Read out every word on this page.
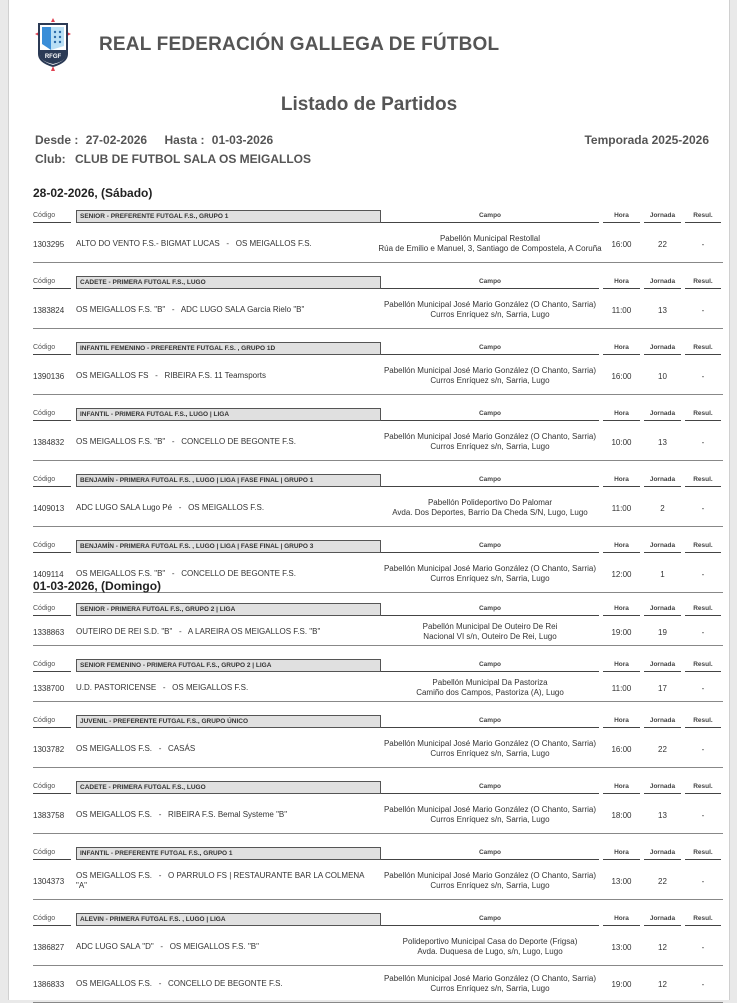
RFGF
REAL FEDERACIÓN GALLEGA DE FÚTBOL
Listado de Partidos
Desde : 27-02-2026 Hasta : 01-03-2026	Temporada 2025-2026
Club: CLUB DE FUTBOL SALA OS MEIGALLOS
28-02-2026, (Sábado)
Código	SENIOR - PREFERENTE FUTGAL F.S., GRUPO 1	Campo	Hora	Jornada	Resul.
1303295 ALTO DO VENTO F.S.- BIGMAT LUCAS   -   OS MEIGALLOS F.S.
Pabellón Municipal Restollal
Rúa de Emilio e Manuel, 3, Santiago de Compostela, A Coruña	16:00	22	-
Código	CADETE - PRIMERA FUTGAL F.S., LUGO	Campo	Hora	Jornada	Resul.
1383824 OS MEIGALLOS F.S. "B"   -   ADC LUGO SALA Garcia Rielo "B"
Pabellón Municipal José Mario González (O Chanto, Sarria)
Curros Enríquez s/n, Sarria, Lugo	11:00	13	-
Código	INFANTIL FEMENINO - PREFERENTE FUTGAL F.S. , GRUPO 1D	Campo	Hora	Jornada	Resul.
1390136 OS MEIGALLOS FS   -   RIBEIRA F.S. 11 Teamsports
Pabellón Municipal José Mario González (O Chanto, Sarria)
Curros Enríquez s/n, Sarria, Lugo	16:00	10	-
Código	INFANTIL - PRIMERA FUTGAL F.S., LUGO | LIGA	Campo	Hora	Jornada	Resul.
1384832 OS MEIGALLOS F.S. "B"   -   CONCELLO DE BEGONTE F.S.
Pabellón Municipal José Mario González (O Chanto, Sarria)
Curros Enríquez s/n, Sarria, Lugo	10:00	13	-
Código	BENJAMÍN - PRIMERA FUTGAL F.S. , LUGO | LIGA | FASE FINAL | GRUPO 1	Campo	Hora	Jornada	Resul.
1409013 ADC LUGO SALA Lugo Pé   -   OS MEIGALLOS F.S.
Pabellón Polideportivo Do Palomar
Avda. Dos Deportes, Barrio Da Cheda S/N, Lugo, Lugo	11:00	2	-
Código	BENJAMÍN - PRIMERA FUTGAL F.S. , LUGO | LIGA | FASE FINAL | GRUPO 3	Campo	Hora	Jornada	Resul.
1409114 OS MEIGALLOS F.S. "B"   -   CONCELLO DE BEGONTE F.S.
Pabellón Municipal José Mario González (O Chanto, Sarria)
Curros Enríquez s/n, Sarria, Lugo	12:00	1	-
01-03-2026, (Domingo)
Código	SENIOR - PRIMERA FUTGAL F.S., GRUPO 2 | LIGA	Campo	Hora	Jornada	Resul.
1338863 OUTEIRO DE REI S.D. "B"   -   A LAREIRA OS MEIGALLOS F.S. "B"
Pabellón Municipal De Outeiro De Rei
Nacional VI s/n, Outeiro De Rei, Lugo	19:00	19	-
Código	SENIOR FEMENINO - PRIMERA FUTGAL F.S., GRUPO 2 | LIGA	Campo	Hora	Jornada	Resul.
1338700 U.D. PASTORICENSE   -   OS MEIGALLOS F.S.
Pabellón Municipal Da Pastoriza
Camiño dos Campos, Pastoriza (A), Lugo	11:00	17	-
Código	JUVENIL - PREFERENTE FUTGAL F.S., GRUPO ÚNICO	Campo	Hora	Jornada	Resul.
1303782 OS MEIGALLOS F.S.   -   CASÁS
Pabellón Municipal José Mario González (O Chanto, Sarria)
Curros Enríquez s/n, Sarria, Lugo	16:00	22	-
Código	CADETE - PRIMERA FUTGAL F.S., LUGO	Campo	Hora	Jornada	Resul.
1383758 OS MEIGALLOS F.S.   -   RIBEIRA F.S. Bemal Systeme "B"
Pabellón Municipal José Mario González (O Chanto, Sarria)
Curros Enríquez s/n, Sarria, Lugo	18:00	13	-
Código	INFANTIL - PREFERENTE FUTGAL F.S., GRUPO 1	Campo	Hora	Jornada	Resul.
1304373
OS MEIGALLOS F.S.   -   O PARRULO FS | RESTAURANTE BAR LA COLMENA "A"
Pabellón Municipal José Mario González (O Chanto, Sarria)
Curros Enríquez s/n, Sarria, Lugo	13:00	22	-
Código	ALEVIN - PRIMERA FUTGAL F.S. , LUGO | LIGA	Campo	Hora	Jornada	Resul.
1386827 ADC LUGO SALA "D"   -   OS MEIGALLOS F.S. "B"
Polideportivo Municipal Casa do Deporte (Frigsa)
Avda. Duquesa de Lugo, s/n, Lugo, Lugo	13:00	12	-
1386833 OS MEIGALLOS F.S.   -   CONCELLO DE BEGONTE F.S.
Pabellón Municipal José Mario González (O Chanto, Sarria)
Curros Enríquez s/n, Sarria, Lugo	19:00	12	-
